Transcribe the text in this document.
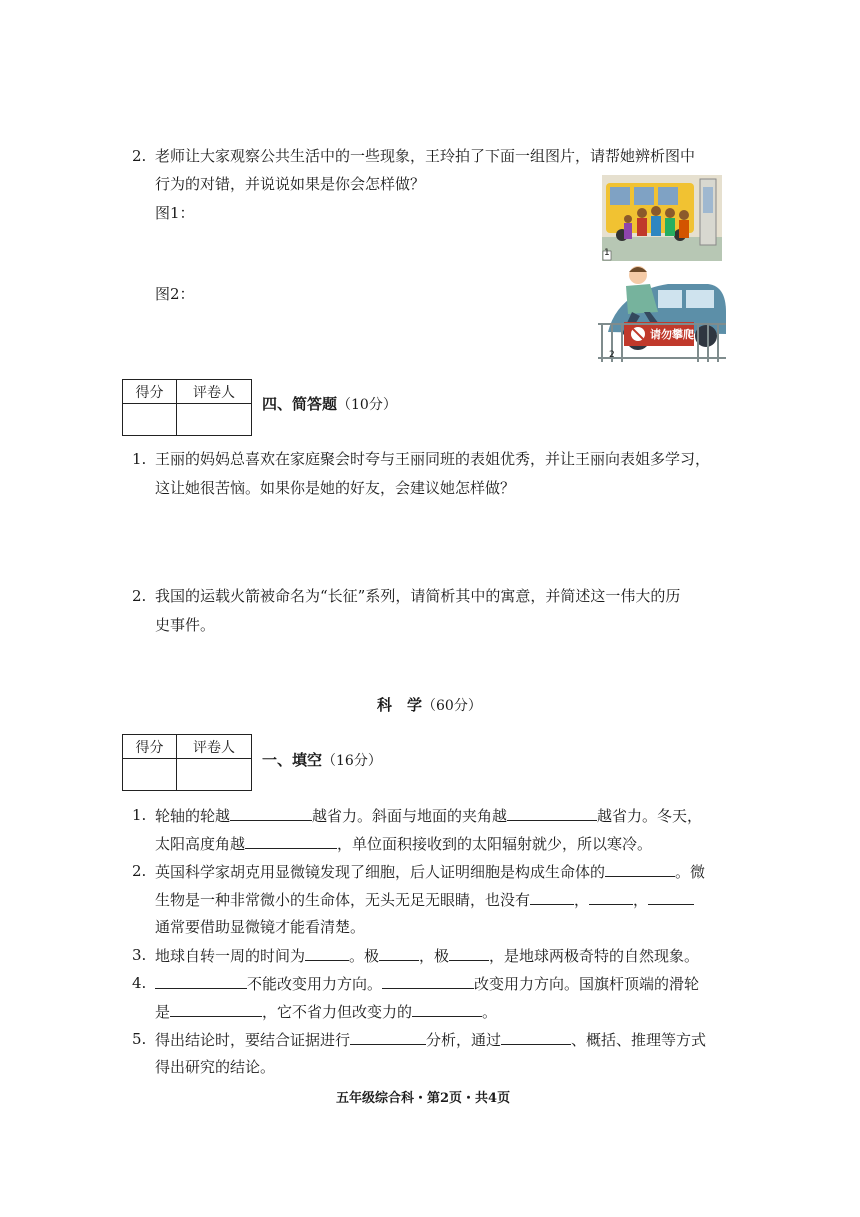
2. 老师让大家观察公共生活中的一些现象，王玲拍了下面一组图片，请帮她辨析图中
行为的对错，并说说如果是你会怎样做？
图1：
图2：
1
请勿攀爬
2
得分	评卷人

四、简答题（10分）
1. 王丽的妈妈总喜欢在家庭聚会时夸与王丽同班的表姐优秀，并让王丽向表姐多学习，
这让她很苦恼。如果你是她的好友，会建议她怎样做？
2. 我国的运载火箭被命名为“长征”系列，请简析其中的寓意，并简述这一伟大的历
史事件。
科　学（60分）
得分	评卷人

一、填空（16分）
1. 轮轴的轮越	越省力。斜面与地面的夹角越	越省力。冬天，
太阳高度角越	，单位面积接收到的太阳辐射就少，所以寒冷。
2. 英国科学家胡克用显微镜发现了细胞，后人证明细胞是构成生命体的	。微
生物是一种非常微小的生命体，无头无足无眼睛，也没有	，	，
通常要借助显微镜才能看清楚。
3. 地球自转一周的时间为	。极	，极	，是地球两极奇特的自然现象。
4.	不能改变用力方向。	改变用力方向。国旗杆顶端的滑轮
是	，它不省力但改变力的	。
5. 得出结论时，要结合证据进行	分析，通过	、概括、推理等方式
得出研究的结论。
五年级综合科・第2页・共4页
